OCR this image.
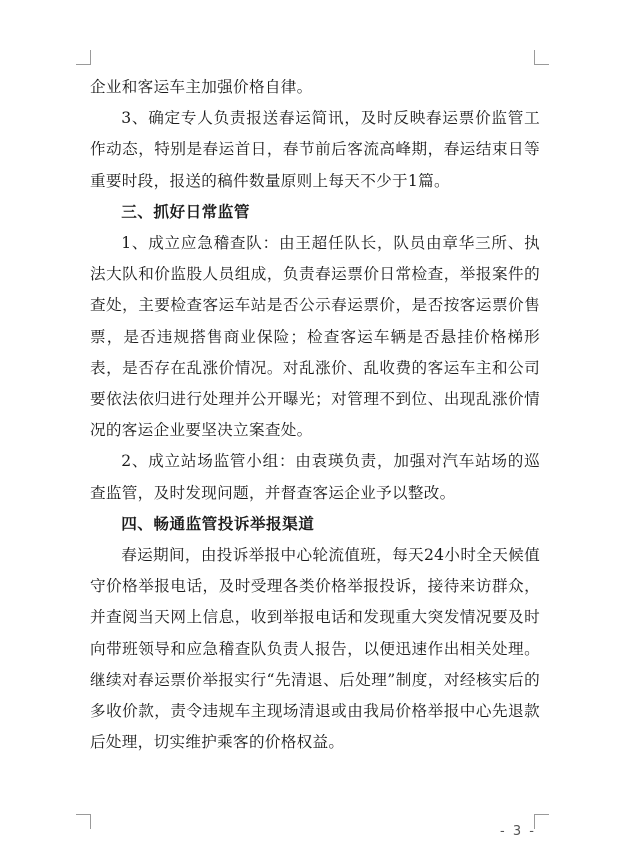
企业和客运车主加强价格自律。

3、确定专人负责报送春运简讯，及时反映春运票价监管工作动态，特别是春运首日，春节前后客流高峰期，春运结束日等重要时段，报送的稿件数量原则上每天不少于1篇。

三、抓好日常监管

1、成立应急稽查队：由王超任队长，队员由章华三所、执法大队和价监股人员组成，负责春运票价日常检查，举报案件的查处，主要检查客运车站是否公示春运票价，是否按客运票价售票，是否违规搭售商业保险；检查客运车辆是否悬挂价格梯形表，是否存在乱涨价情况。对乱涨价、乱收费的客运车主和公司要依法依归进行处理并公开曝光；对管理不到位、出现乱涨价情况的客运企业要坚决立案查处。

2、成立站场监管小组：由袁瑛负责，加强对汽车站场的巡查监管，及时发现问题，并督查客运企业予以整改。

四、畅通监管投诉举报渠道

春运期间，由投诉举报中心轮流值班，每天24小时全天候值守价格举报电话，及时受理各类价格举报投诉，接待来访群众，并查阅当天网上信息，收到举报电话和发现重大突发情况要及时向带班领导和应急稽查队负责人报告，以便迅速作出相关处理。继续对春运票价举报实行“先清退、后处理”制度，对经核实后的多收价款，责令违规车主现场清退或由我局价格举报中心先退款后处理，切实维护乘客的价格权益。

- 3 -
